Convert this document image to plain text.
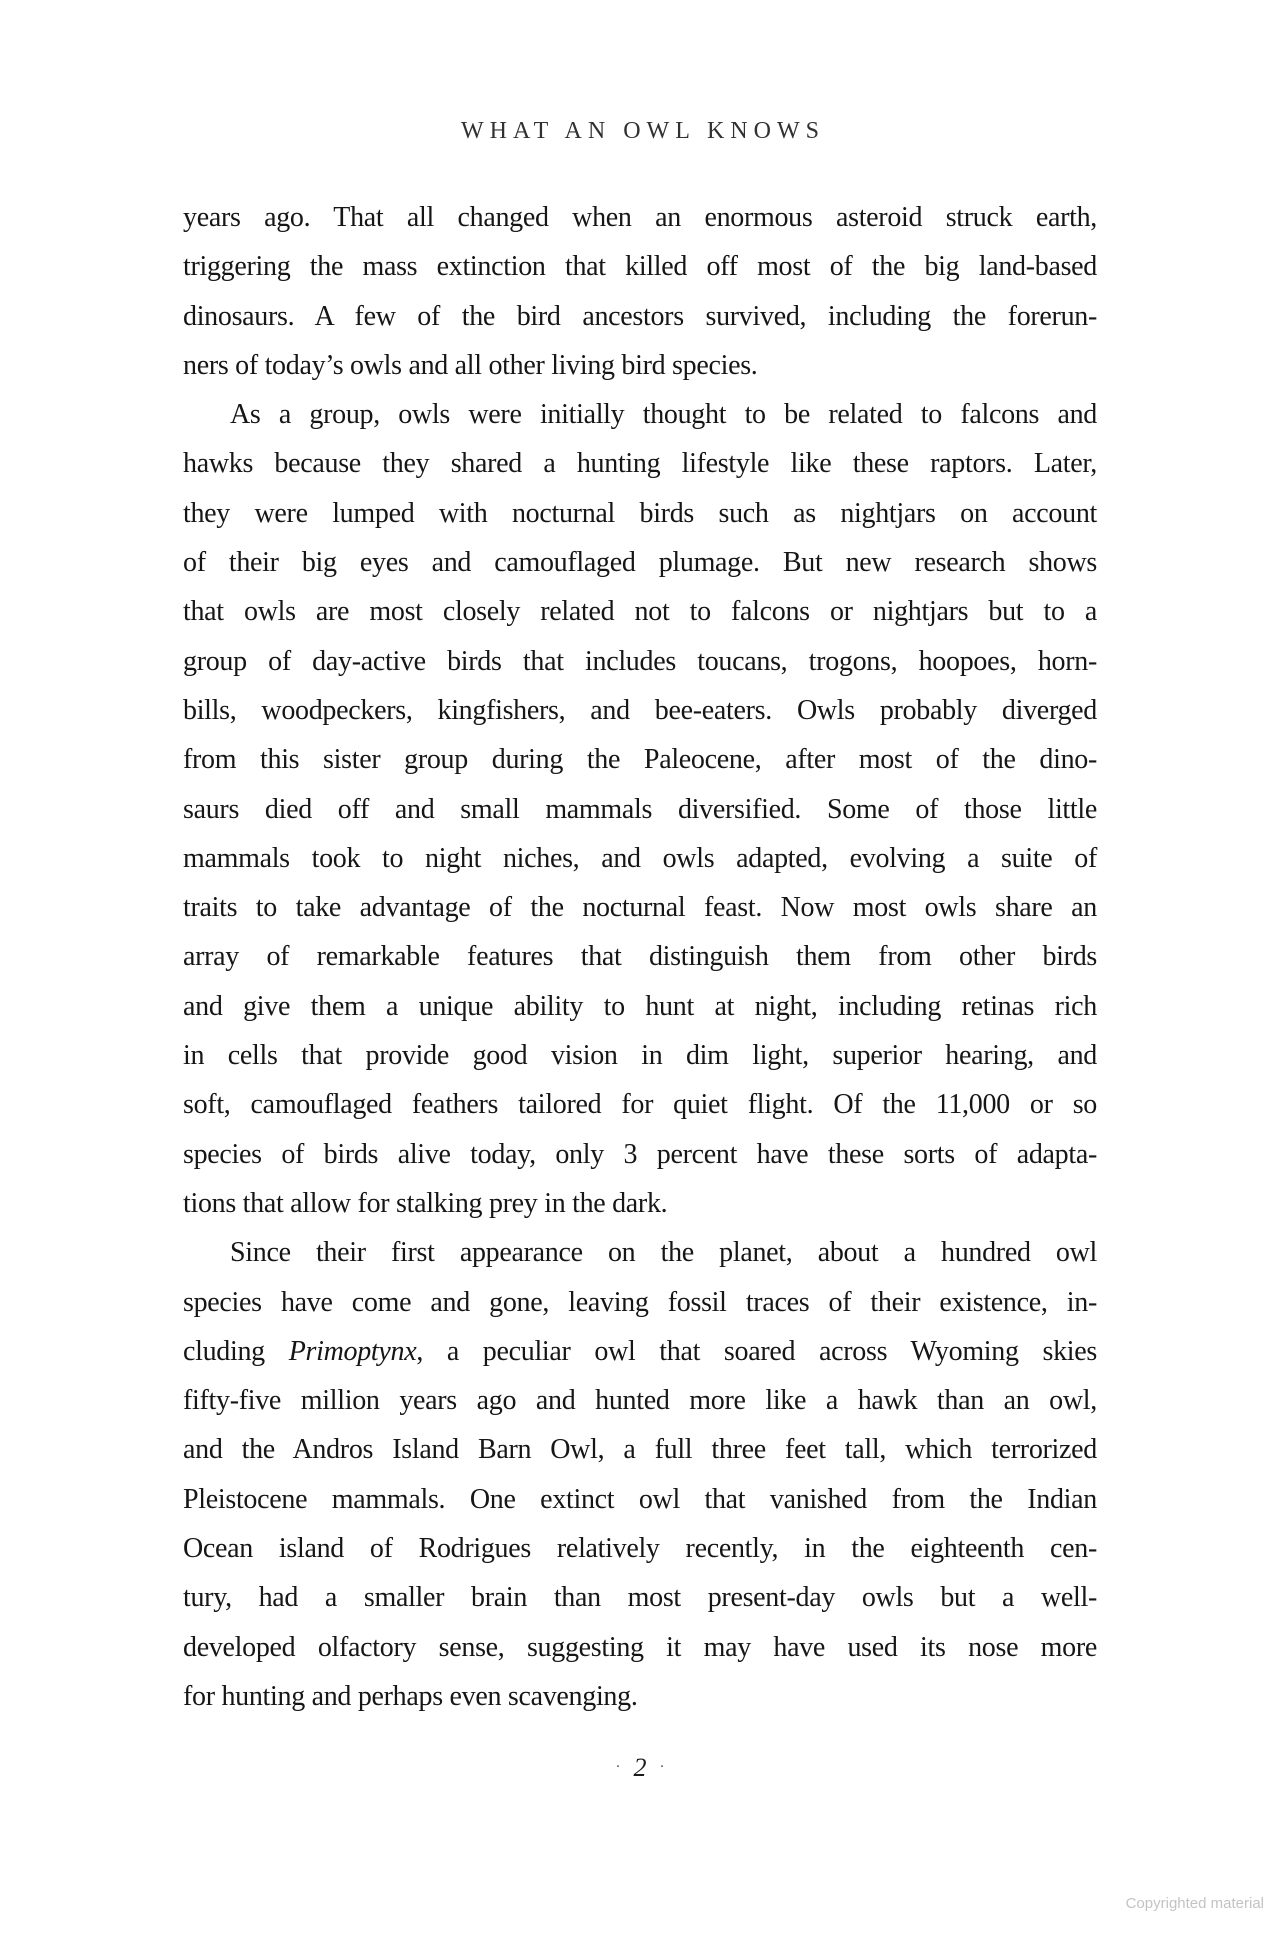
WHAT AN OWL KNOWS
years ago. That all changed when an enormous asteroid struck earth,
triggering the mass extinction that killed off most of the big land-based
dinosaurs. A few of the bird ancestors survived, including the forerun-
ners of today’s owls and all other living bird species.
As a group, owls were initially thought to be related to falcons and
hawks because they shared a hunting lifestyle like these raptors. Later,
they were lumped with nocturnal birds such as nightjars on account
of their big eyes and camouflaged plumage. But new research shows
that owls are most closely related not to falcons or nightjars but to a
group of day-active birds that includes toucans, trogons, hoopoes, horn-
bills, woodpeckers, kingfishers, and bee-eaters. Owls probably diverged
from this sister group during the Paleocene, after most of the dino-
saurs died off and small mammals diversified. Some of those little
mammals took to night niches, and owls adapted, evolving a suite of
traits to take advantage of the nocturnal feast. Now most owls share an
array of remarkable features that distinguish them from other birds
and give them a unique ability to hunt at night, including retinas rich
in cells that provide good vision in dim light, superior hearing, and
soft, camouflaged feathers tailored for quiet flight. Of the 11,000 or so
species of birds alive today, only 3 percent have these sorts of adapta-
tions that allow for stalking prey in the dark.
Since their first appearance on the planet, about a hundred owl
species have come and gone, leaving fossil traces of their existence, in-
cluding Primoptynx, a peculiar owl that soared across Wyoming skies
fifty-five million years ago and hunted more like a hawk than an owl,
and the Andros Island Barn Owl, a full three feet tall, which terrorized
Pleistocene mammals. One extinct owl that vanished from the Indian
Ocean island of Rodrigues relatively recently, in the eighteenth cen-
tury, had a smaller brain than most present-day owls but a well-
developed olfactory sense, suggesting it may have used its nose more
for hunting and perhaps even scavenging.
· 2 ·
Copyrighted material
